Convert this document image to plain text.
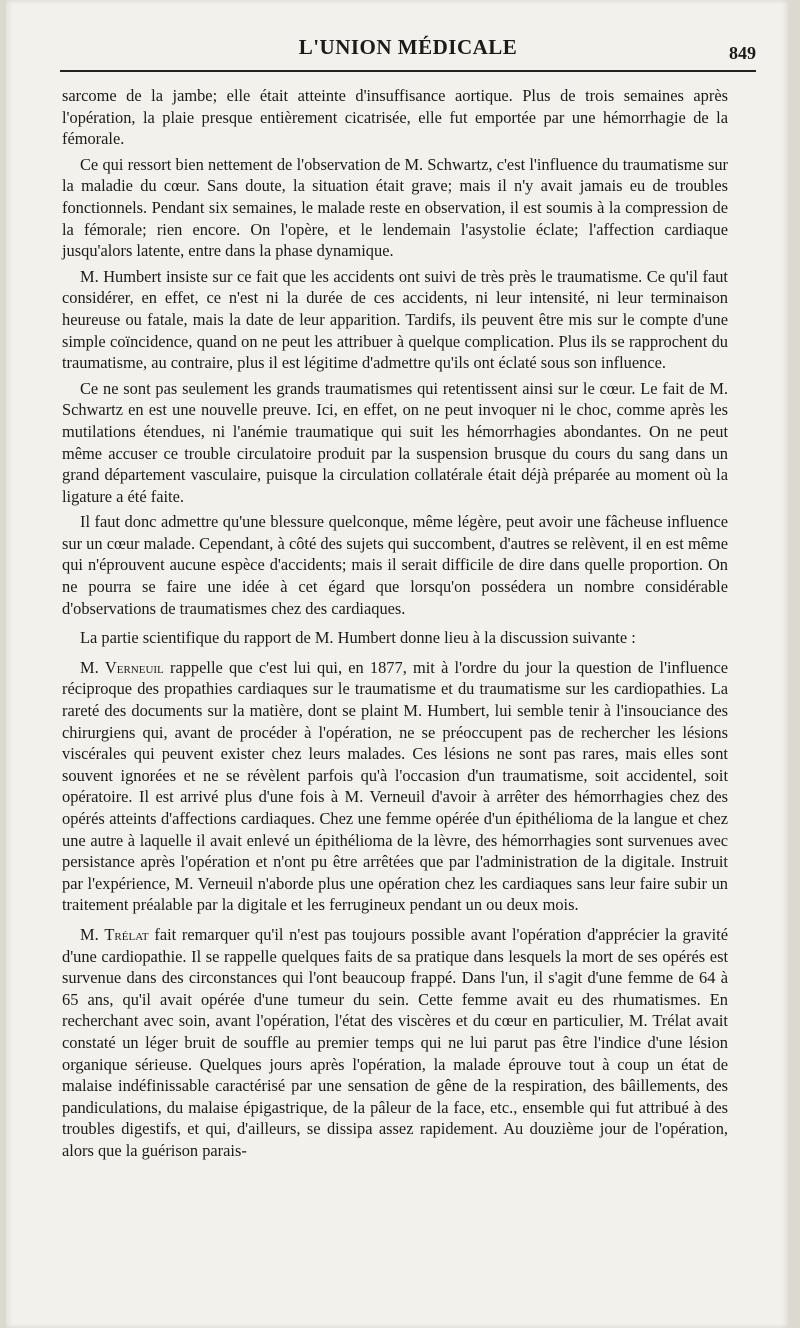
L'UNION MÉDICALE	849

sarcome de la jambe; elle était atteinte d'insuffisance aortique. Plus de trois semaines après l'opération, la plaie presque entièrement cicatrisée, elle fut emportée par une hémorrhagie de la fémorale.

Ce qui ressort bien nettement de l'observation de M. Schwartz, c'est l'influence du traumatisme sur la maladie du cœur. Sans doute, la situation était grave; mais il n'y avait jamais eu de troubles fonctionnels. Pendant six semaines, le malade reste en observation, il est soumis à la compression de la fémorale; rien encore. On l'opère, et le lendemain l'asystolie éclate; l'affection cardiaque jusqu'alors latente, entre dans la phase dynamique.

M. Humbert insiste sur ce fait que les accidents ont suivi de très près le traumatisme. Ce qu'il faut considérer, en effet, ce n'est ni la durée de ces accidents, ni leur intensité, ni leur terminaison heureuse ou fatale, mais la date de leur apparition. Tardifs, ils peuvent être mis sur le compte d'une simple coïncidence, quand on ne peut les attribuer à quelque complication. Plus ils se rapprochent du traumatisme, au contraire, plus il est légitime d'admettre qu'ils ont éclaté sous son influence.

Ce ne sont pas seulement les grands traumatismes qui retentissent ainsi sur le cœur. Le fait de M. Schwartz en est une nouvelle preuve. Ici, en effet, on ne peut invoquer ni le choc, comme après les mutilations étendues, ni l'anémie traumatique qui suit les hémorrhagies abondantes. On ne peut même accuser ce trouble circulatoire produit par la suspension brusque du cours du sang dans un grand département vasculaire, puisque la circulation collatérale était déjà préparée au moment où la ligature a été faite.

Il faut donc admettre qu'une blessure quelconque, même légère, peut avoir une fâcheuse influence sur un cœur malade. Cependant, à côté des sujets qui succombent, d'autres se relèvent, il en est même qui n'éprouvent aucune espèce d'accidents; mais il serait difficile de dire dans quelle proportion. On ne pourra se faire une idée à cet égard que lorsqu'on possédera un nombre considérable d'observations de traumatismes chez des cardiaques.

La partie scientifique du rapport de M. Humbert donne lieu à la discussion suivante :

M. Verneuil rappelle que c'est lui qui, en 1877, mit à l'ordre du jour la question de l'influence réciproque des propathies cardiaques sur le traumatisme et du traumatisme sur les cardiopathies. La rareté des documents sur la matière, dont se plaint M. Humbert, lui semble tenir à l'insouciance des chirurgiens qui, avant de procéder à l'opération, ne se préoccupent pas de rechercher les lésions viscérales qui peuvent exister chez leurs malades. Ces lésions ne sont pas rares, mais elles sont souvent ignorées et ne se révèlent parfois qu'à l'occasion d'un traumatisme, soit accidentel, soit opératoire. Il est arrivé plus d'une fois à M. Verneuil d'avoir à arrêter des hémorrhagies chez des opérés atteints d'affections cardiaques. Chez une femme opérée d'un épithélioma de la langue et chez une autre à laquelle il avait enlevé un épithélioma de la lèvre, des hémorrhagies sont survenues avec persistance après l'opération et n'ont pu être arrêtées que par l'administration de la digitale. Instruit par l'expérience, M. Verneuil n'aborde plus une opération chez les cardiaques sans leur faire subir un traitement préalable par la digitale et les ferrugineux pendant un ou deux mois.

M. Trélat fait remarquer qu'il n'est pas toujours possible avant l'opération d'apprécier la gravité d'une cardiopathie. Il se rappelle quelques faits de sa pratique dans lesquels la mort de ses opérés est survenue dans des circonstances qui l'ont beaucoup frappé. Dans l'un, il s'agit d'une femme de 64 à 65 ans, qu'il avait opérée d'une tumeur du sein. Cette femme avait eu des rhumatismes. En recherchant avec soin, avant l'opération, l'état des viscères et du cœur en particulier, M. Trélat avait constaté un léger bruit de souffle au premier temps qui ne lui parut pas être l'indice d'une lésion organique sérieuse. Quelques jours après l'opération, la malade éprouve tout à coup un état de malaise indéfinissable caractérisé par une sensation de gêne de la respiration, des bâillements, des pandiculations, du malaise épigastrique, de la pâleur de la face, etc., ensemble qui fut attribué à des troubles digestifs, et qui, d'ailleurs, se dissipa assez rapidement. Au douzième jour de l'opération, alors que la guérison parais-
